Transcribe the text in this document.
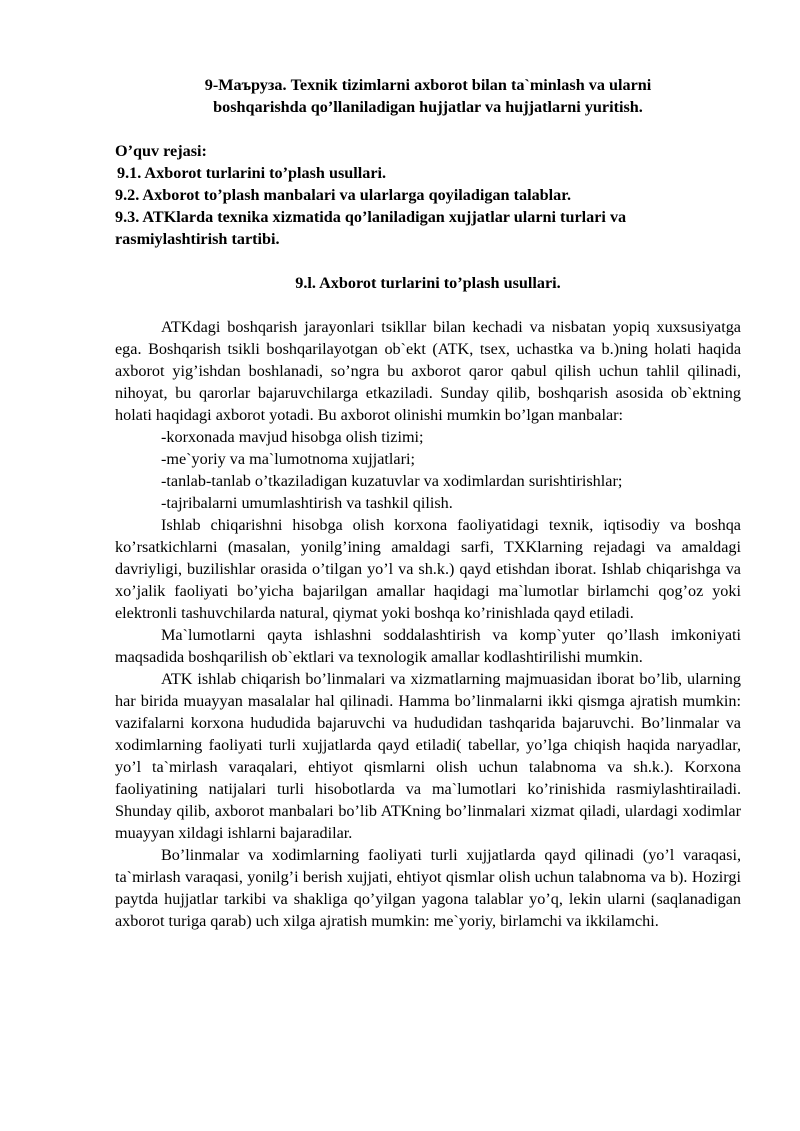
9-Маъруза. Texnik tizimlarni axborot bilan ta`minlash va ularni
boshqarishda qo’llaniladigan hujjatlar va hujjatlarni yuritish.

O’quv rejasi:

9.1. Axborot turlarini to’plash usullari.

9.2. Axborot to’plash manbalari va ularlarga qoyiladigan talablar.

9.3. ATKlarda texnika xizmatida qo’laniladigan xujjatlar ularni turlari va rasmiylashtirish tartibi.

9.l. Axborot turlarini to’plash usullari.

ATKdagi boshqarish jarayonlari tsikllar bilan kechadi va nisbatan yopiq xuxsusiyatga ega. Boshqarish tsikli boshqarilayotgan ob`ekt (ATK, tsex, uchastka va b.)ning holati haqida axborot yig’ishdan boshlanadi, so’ngra bu axborot qaror qabul qilish uchun tahlil qilinadi, nihoyat, bu qarorlar bajaruvchilarga etkaziladi. Sunday qilib, boshqarish asosida ob`ektning holati haqidagi axborot yotadi. Bu axborot olinishi mumkin bo’lgan manbalar:

-korxonada mavjud hisobga olish tizimi;

-me`yoriy va ma`lumotnoma xujjatlari;

-tanlab-tanlab o’tkaziladigan kuzatuvlar va xodimlardan surishtirishlar;

-tajribalarni umumlashtirish va tashkil qilish.

Ishlab chiqarishni hisobga olish korxona faoliyatidagi texnik, iqtisodiy va boshqa ko’rsatkichlarni (masalan, yonilg’ining amaldagi sarfi, TXKlarning rejadagi va amaldagi davriyligi, buzilishlar orasida o’tilgan yo’l va sh.k.) qayd etishdan iborat. Ishlab chiqarishga va xo’jalik faoliyati bo’yicha bajarilgan amallar haqidagi ma`lumotlar birlamchi qog’oz yoki elektronli tashuvchilarda natural, qiymat yoki boshqa ko’rinishlada qayd etiladi.

Ma`lumotlarni qayta ishlashni soddalashtirish va komp`yuter qo’llash imkoniyati maqsadida boshqarilish ob`ektlari va texnologik amallar kodlashtirilishi mumkin.

ATK ishlab chiqarish bo’linmalari va xizmatlarning majmuasidan iborat bo’lib, ularning har birida muayyan masalalar hal qilinadi. Hamma bo’linmalarni ikki qismga ajratish mumkin: vazifalarni korxona hududida bajaruvchi va hududidan tashqarida bajaruvchi. Bo’linmalar va xodimlarning faoliyati turli xujjatlarda qayd etiladi( tabellar, yo’lga chiqish haqida naryadlar, yo’l ta`mirlash varaqalari, ehtiyot qismlarni olish uchun talabnoma va sh.k.). Korxona faoliyatining natijalari turli hisobotlarda va ma`lumotlari ko’rinishida rasmiylashtirailadi. Shunday qilib, axborot manbalari bo’lib ATKning bo’linmalari xizmat qiladi, ulardagi xodimlar muayyan xildagi ishlarni bajaradilar.

Bo’linmalar va xodimlarning faoliyati turli xujjatlarda qayd qilinadi (yo’l varaqasi, ta`mirlash varaqasi, yonilg’i berish xujjati, ehtiyot qismlar olish uchun talabnoma va b). Hozirgi paytda hujjatlar tarkibi va shakliga qo’yilgan yagona talablar yo’q, lekin ularni (saqlanadigan axborot turiga qarab) uch xilga ajratish mumkin: me`yoriy, birlamchi va ikkilamchi.
